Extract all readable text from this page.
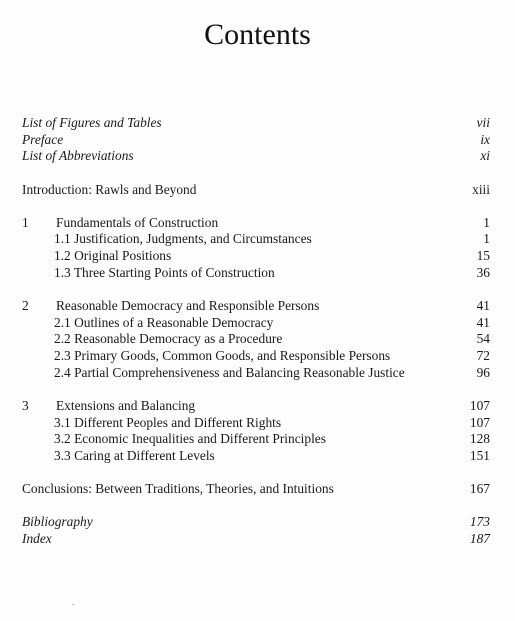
Contents
List of Figures and Tables	vii
Preface	ix
List of Abbreviations	xi
Introduction: Rawls and Beyond	xiii
1 Fundamentals of Construction	1
1.1 Justification, Judgments, and Circumstances	1
1.2 Original Positions	15
1.3 Three Starting Points of Construction	36
2 Reasonable Democracy and Responsible Persons	41
2.1 Outlines of a Reasonable Democracy	41
2.2 Reasonable Democracy as a Procedure	54
2.3 Primary Goods, Common Goods, and Responsible Persons	72
2.4 Partial Comprehensiveness and Balancing Reasonable Justice	96
3 Extensions and Balancing	107
3.1 Different Peoples and Different Rights	107
3.2 Economic Inequalities and Different Principles	128
3.3 Caring at Different Levels	151
Conclusions: Between Traditions, Theories, and Intuitions	167
Bibliography	173
Index	187
